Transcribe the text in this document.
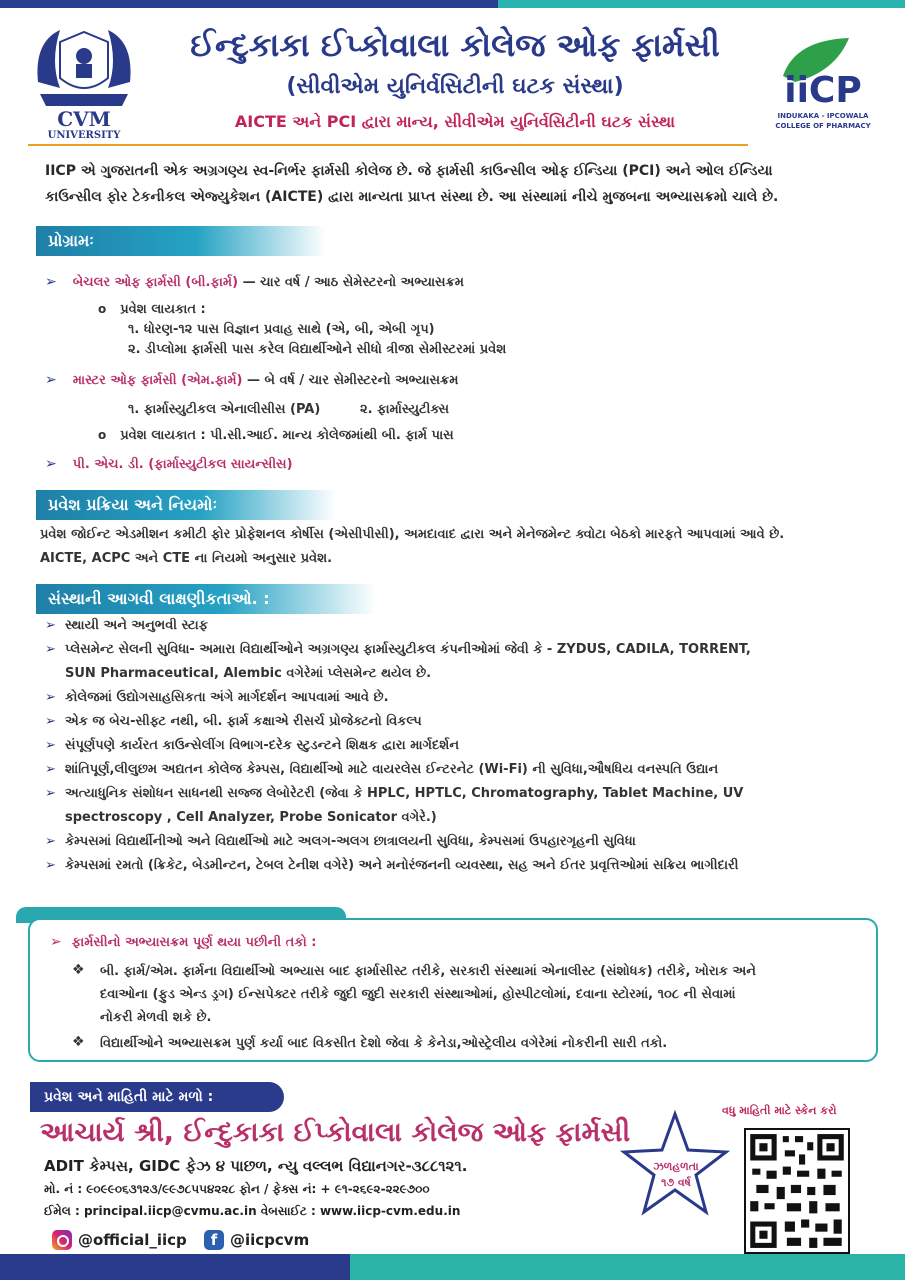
CVM
UNIVERSITY
ઈન્દુકાકા ઈપ્કોવાલા કોલેજ ઓફ ફાર્મસી
(સીવીએમ યુનિર્વસિટીની ઘટક સંસ્થા)
AICTE અને PCI દ્વારા માન્ય, સીવીએમ યુનિર્વસિટીની ઘટક સંસ્થા
iiCP
INDUKAKA - IPCOWALA
COLLEGE OF PHARMACY
IICP એ ગુજરાતની એક અગ્રગણ્ય સ્વ-નિર્ભર ફાર્મસી કોલેજ છે. જે ફાર્મસી કાઉન્સીલ ઓફ ઈન્ડિયા (PCI) અને ઓલ ઈન્ડિયા
કાઉન્સીલ ફોર ટેકનીકલ એજ્યુકેશન (AICTE) દ્વારા માન્યતા પ્રાપ્ત સંસ્થા છે. આ સંસ્થામાં નીચે મુજબના અભ્યાસક્રમો ચાલે છે.
પ્રોગ્રામઃ
➢ બેચલર ઓફ ફાર્મસી (બી.ફાર્મ) — ચાર વર્ષ / આઠ સેમેસ્ટરનો અભ્યાસક્રમ
o પ્રવેશ લાયકાત :
૧. ધોરણ-૧૨ પાસ વિજ્ઞાન પ્રવાહ સાથે (એ, બી, એબી ગૃપ)
૨. ડીપ્લોમા ફાર્મસી પાસ કરેલ વિદ્યાર્થીઓને સીધો ત્રીજા સેમીસ્ટરમાં પ્રવેશ
➢ માસ્ટર ઓફ ફાર્મસી (એમ.ફાર્મ) — બે વર્ષ / ચાર સેમીસ્ટરનો અભ્યાસક્રમ
૧. ફાર્માસ્યુટીકલ એનાલીસીસ (PA)	૨. ફાર્માસ્યુટીક્સ
o પ્રવેશ લાયકાત : પી.સી.આઈ. માન્ય કોલેજમાંથી બી. ફાર્મ પાસ
➢ પી. એચ. ડી. (ફાર્માસ્યુટીકલ સાયન્સીસ)
પ્રવેશ પ્રક્રિયા અને નિયમોઃ
પ્રવેશ જોઈન્ટ એડમીશન કમીટી ફોર પ્રોફેશનલ કોર્ષીસ (એસીપીસી), અમદાવાદ દ્વારા અને મેનેજમેન્ટ ક્વોટા બેઠકો મારફતે આપવામાં આવે છે.
AICTE, ACPC અને CTE ના નિયમો અનુસાર પ્રવેશ.
સંસ્થાની આગવી લાક્ષણીકતાઓ. :
➢ સ્થાયી અને અનુભવી સ્ટાફ
➢ પ્લેસમેન્ટ સેલની સુવિધા- અમારા વિદ્યાર્થીઓને અગ્રગણ્ય ફાર્માસ્યુટીકલ કંપનીઓમાં જેવી કે - ZYDUS, CADILA, TORRENT,
SUN Pharmaceutical, Alembic વગેરેમાં પ્લેસમેન્ટ થયેલ છે.
➢ કોલેજમાં ઉદ્યોગસાહસિકતા અંગે માર્ગદર્શન આપવામાં આવે છે.
➢ એક જ બેચ-સીફ્ટ નથી, બી. ફાર્મ કક્ષાએ રીસર્ચ પ્રોજેક્ટનો વિકલ્પ
➢ સંપૂર્ણપણે કાર્યરત કાઉન્સેલીંગ વિભાગ-દરેક સ્ટુડન્ટને શિક્ષક દ્વારા માર્ગદર્શન
➢ શાંતિપૂર્ણ,લીલુછમ અદ્યતન કોલેજ કેમ્પસ, વિદ્યાર્થીઓ માટે વાયરલેસ ઈન્ટરનેટ (Wi-Fi) ની સુવિધા,ઔષધિય વનસ્પતિ ઉદ્યાન
➢ અત્યાધુનિક સંશોધન સાધનથી સજ્જ લેબોરેટરી (જેવા કે HPLC, HPTLC, Chromatography, Tablet Machine, UV
spectroscopy , Cell Analyzer, Probe Sonicator વગેરે.)
➢ કેમ્પસમાં વિદ્યાર્થીનીઓ અને વિદ્યાર્થીઓ માટે અલગ-અલગ છાત્રાલયની સુવિધા, કેમ્પસમાં ઉપહારગૃહની સુવિધા
➢ કેમ્પસમાં રમતો (ક્રિકેટ, બેડમીન્ટન, ટેબલ ટેનીશ વગેરે) અને મનોરંજનની વ્યવસ્થા, સહ અને ઈતર પ્રવૃત્તિઓમાં સક્રિય ભાગીદારી
➢ ફાર્મસીનો અભ્યાસક્રમ પૂર્ણ થયા પછીની તકો :
❖ બી. ફાર્મ/એમ. ફાર્મના વિદ્યાર્થીઓ અભ્યાસ બાદ ફાર્માસીસ્ટ તરીકે, સરકારી સંસ્થામાં એનાલીસ્ટ (સંશોધક) તરીકે, ખોરાક અને
દવાઓના (ફુડ એન્ડ ડ્રગ) ઈન્સપેક્ટર તરીકે જુદી જુદી સરકારી સંસ્થાઓમાં, હોસ્પીટલોમાં, દવાના સ્ટોરમાં, ૧૦૮ ની સેવામાં
નોકરી મેળવી શકે છે.
❖ વિદ્યાર્થીઓને અભ્યાસક્રમ પુર્ણ કર્યા બાદ વિકસીત દેશો જેવા કે કેનેડા,ઓસ્ટ્રેલીય વગેરેમાં નોકરીની સારી તકો.
પ્રવેશ અને માહિતી માટે મળો :
આચાર્ય શ્રી, ઈન્દુકાકા ઈપ્કોવાલા કોલેજ ઓફ ફાર્મસી
ADIT કેમ્પસ, GIDC ફેઝ ૪ પાછળ, ન્યુ વલ્લભ વિદ્યાનગર-૩૮૮૧૨૧.
મો. નં : ૯૦૯૯૦૬૩૧૨૩/૯૯૭૮૫૫૪૨૨૮ ફોન / ફેક્સ નં: + ૯૧-૨૬૯૨-૨૨૯૭૦૦
ઈમેલ : principal.iicp@cvmu.ac.in વેબસાઈટ : www.iicp-cvm.edu.in
@official_iicp	f @iicpcvm
ઝળહળતા
૧૭ વર્ષ
વધુ માહિતી માટે સ્કેન કરો
